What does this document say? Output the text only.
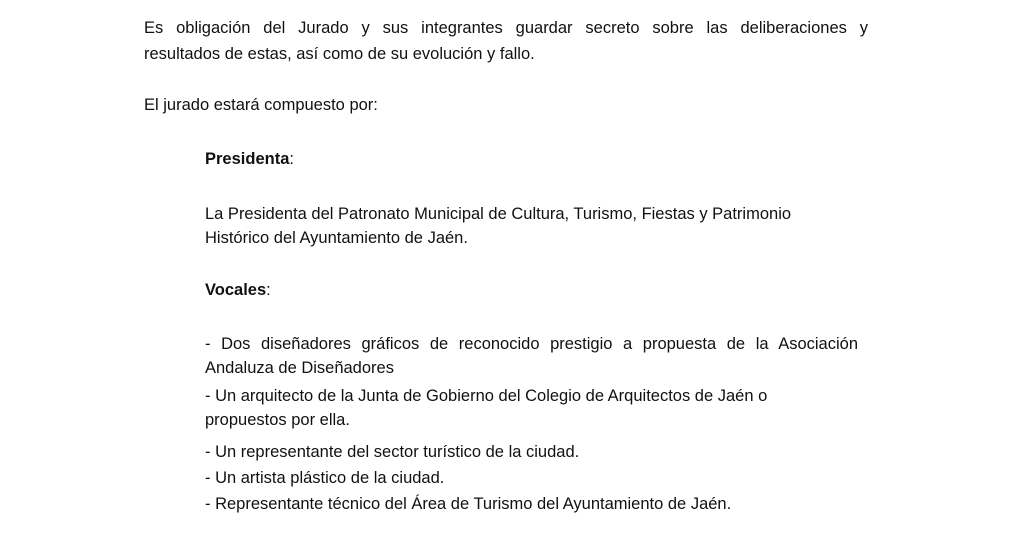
Es obligación del Jurado y sus integrantes guardar secreto sobre las deliberaciones y
resultados de estas, así como de su evolución y fallo.

El jurado estará compuesto por:

Presidenta:

La Presidenta del Patronato Municipal de Cultura, Turismo, Fiestas y Patrimonio
Histórico del Ayuntamiento de Jaén.

Vocales:

- Dos diseñadores gráficos de reconocido prestigio a propuesta de la Asociación
Andaluza de Diseñadores
- Un arquitecto de la Junta de Gobierno del Colegio de Arquitectos de Jaén o
propuestos por ella.

- Un representante del sector turístico de la ciudad.

- Un artista plástico de la ciudad.

- Representante técnico del Área de Turismo del Ayuntamiento de Jaén.
